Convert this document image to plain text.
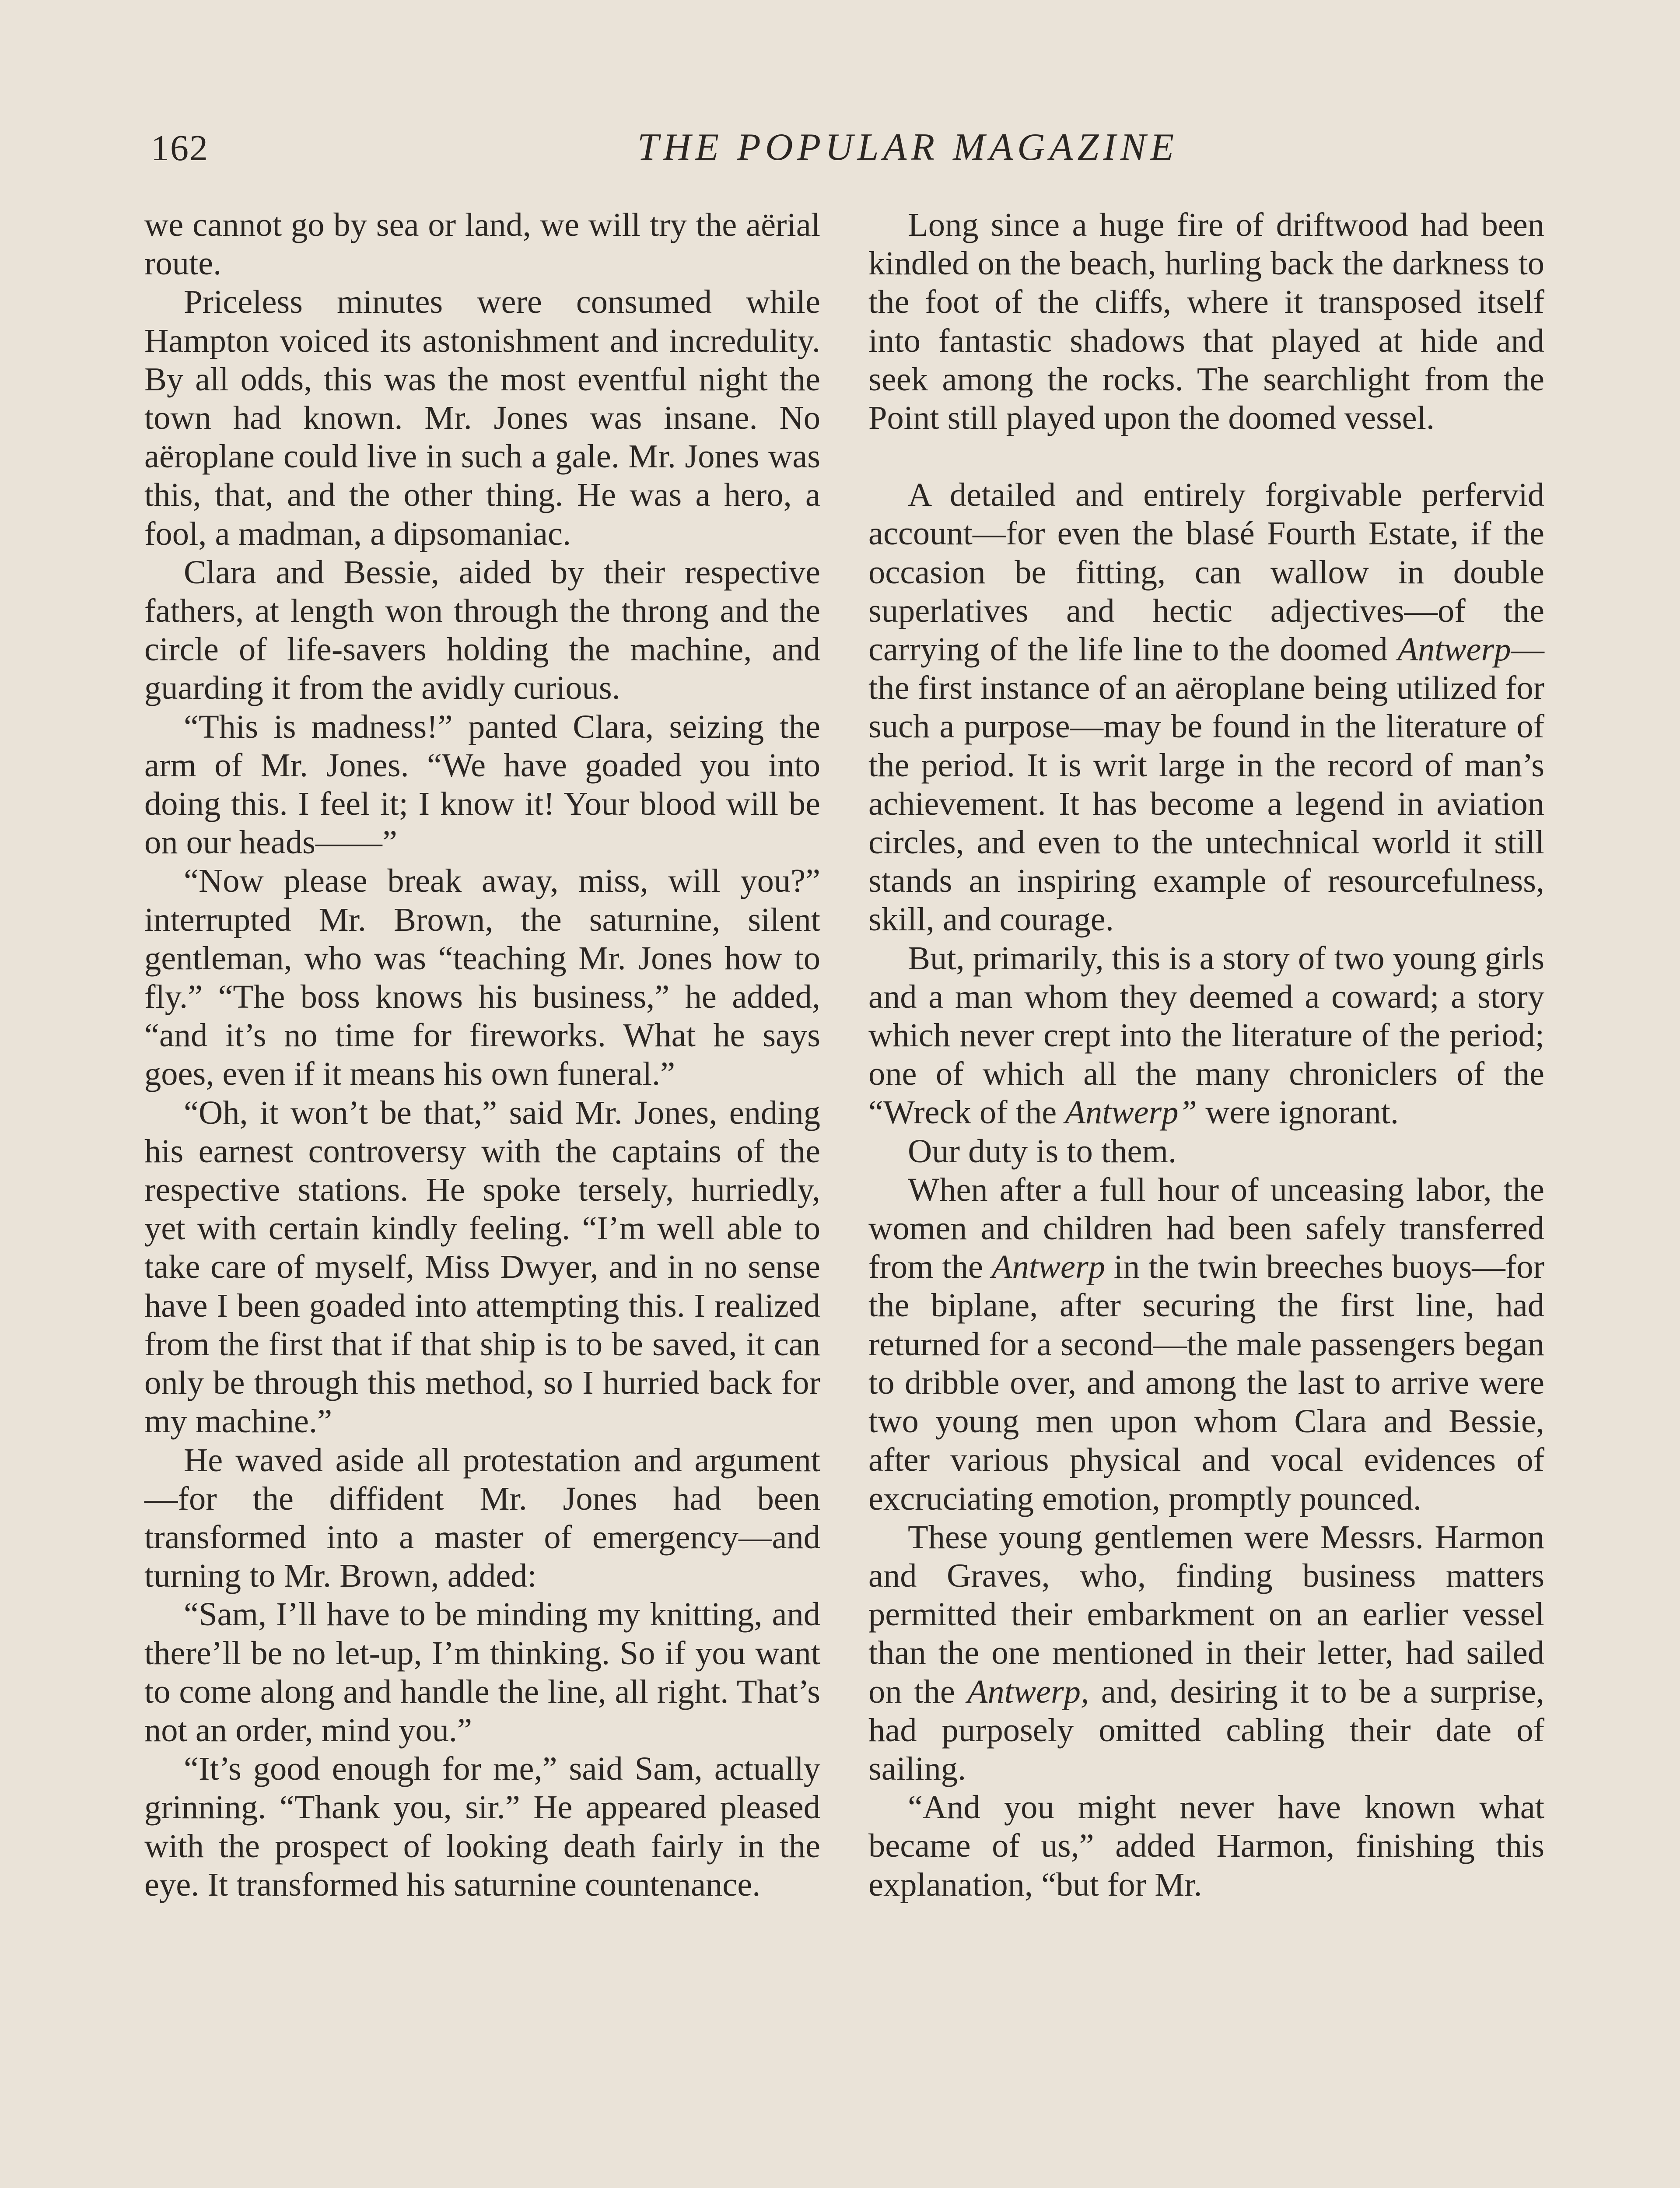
162	THE POPULAR MAGAZINE

we cannot go by sea or land, we will try the aërial route.

Priceless minutes were consumed while Hampton voiced its astonishment and incredulity. By all odds, this was the most eventful night the town had known. Mr. Jones was insane. No aëroplane could live in such a gale. Mr. Jones was this, that, and the other thing. He was a hero, a fool, a madman, a dipsomaniac.

Clara and Bessie, aided by their respective fathers, at length won through the throng and the circle of life-savers holding the machine, and guarding it from the avidly curious.

“This is madness!” panted Clara, seizing the arm of Mr. Jones. “We have goaded you into doing this. I feel it; I know it! Your blood will be on our heads——”

“Now please break away, miss, will you?” interrupted Mr. Brown, the saturnine, silent gentleman, who was “teaching Mr. Jones how to fly.” “The boss knows his business,” he added, “and it’s no time for fireworks. What he says goes, even if it means his own funeral.”

“Oh, it won’t be that,” said Mr. Jones, ending his earnest controversy with the captains of the respective stations. He spoke tersely, hurriedly, yet with certain kindly feeling. “I’m well able to take care of myself, Miss Dwyer, and in no sense have I been goaded into attempting this. I realized from the first that if that ship is to be saved, it can only be through this method, so I hurried back for my machine.”

He waved aside all protestation and argument—for the diffident Mr. Jones had been transformed into a master of emergency—and turning to Mr. Brown, added:

“Sam, I’ll have to be minding my knitting, and there’ll be no let-up, I’m thinking. So if you want to come along and handle the line, all right. That’s not an order, mind you.”

“It’s good enough for me,” said Sam, actually grinning. “Thank you, sir.” He appeared pleased with the prospect of looking death fairly in the eye. It transformed his saturnine countenance.

Long since a huge fire of driftwood had been kindled on the beach, hurling back the darkness to the foot of the cliffs, where it transposed itself into fantastic shadows that played at hide and seek among the rocks. The searchlight from the Point still played upon the doomed vessel.

A detailed and entirely forgivable perfervid account—for even the blasé Fourth Estate, if the occasion be fitting, can wallow in double superlatives and hectic adjectives—of the carrying of the life line to the doomed Antwerp—the first instance of an aëroplane being utilized for such a purpose—may be found in the literature of the period. It is writ large in the record of man’s achievement. It has become a legend in aviation circles, and even to the untechnical world it still stands an inspiring example of resourcefulness, skill, and courage.

But, primarily, this is a story of two young girls and a man whom they deemed a coward; a story which never crept into the literature of the period; one of which all the many chroniclers of the “Wreck of the Antwerp” were ignorant.

Our duty is to them.

When after a full hour of unceasing labor, the women and children had been safely transferred from the Antwerp in the twin breeches buoys—for the biplane, after securing the first line, had returned for a second—the male passengers began to dribble over, and among the last to arrive were two young men upon whom Clara and Bessie, after various physical and vocal evidences of excruciating emotion, promptly pounced.

These young gentlemen were Messrs. Harmon and Graves, who, finding business matters permitted their embarkment on an earlier vessel than the one mentioned in their letter, had sailed on the Antwerp, and, desiring it to be a surprise, had purposely omitted cabling their date of sailing.

“And you might never have known what became of us,” added Harmon, finishing this explanation, “but for Mr.
